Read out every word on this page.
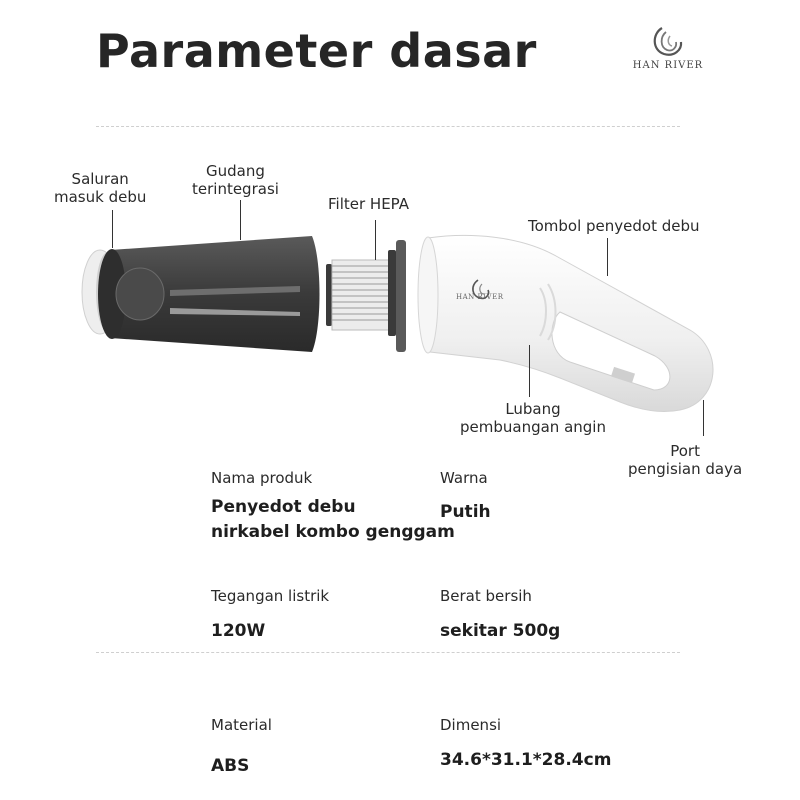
Parameter dasar	HAN RIVER
HAN RIVER
Saluran
masuk debu
Gudang
terintegrasi
Filter HEPA
Tombol penyedot debu
Lubang
pembuangan angin
Port
pengisian daya
Nama produk
Penyedot debu
nirkabel kombo genggam
Warna
Putih
Tegangan listrik
120W
Berat bersih
sekitar 500g
Material
ABS
Dimensi
34.6*31.1*28.4cm
